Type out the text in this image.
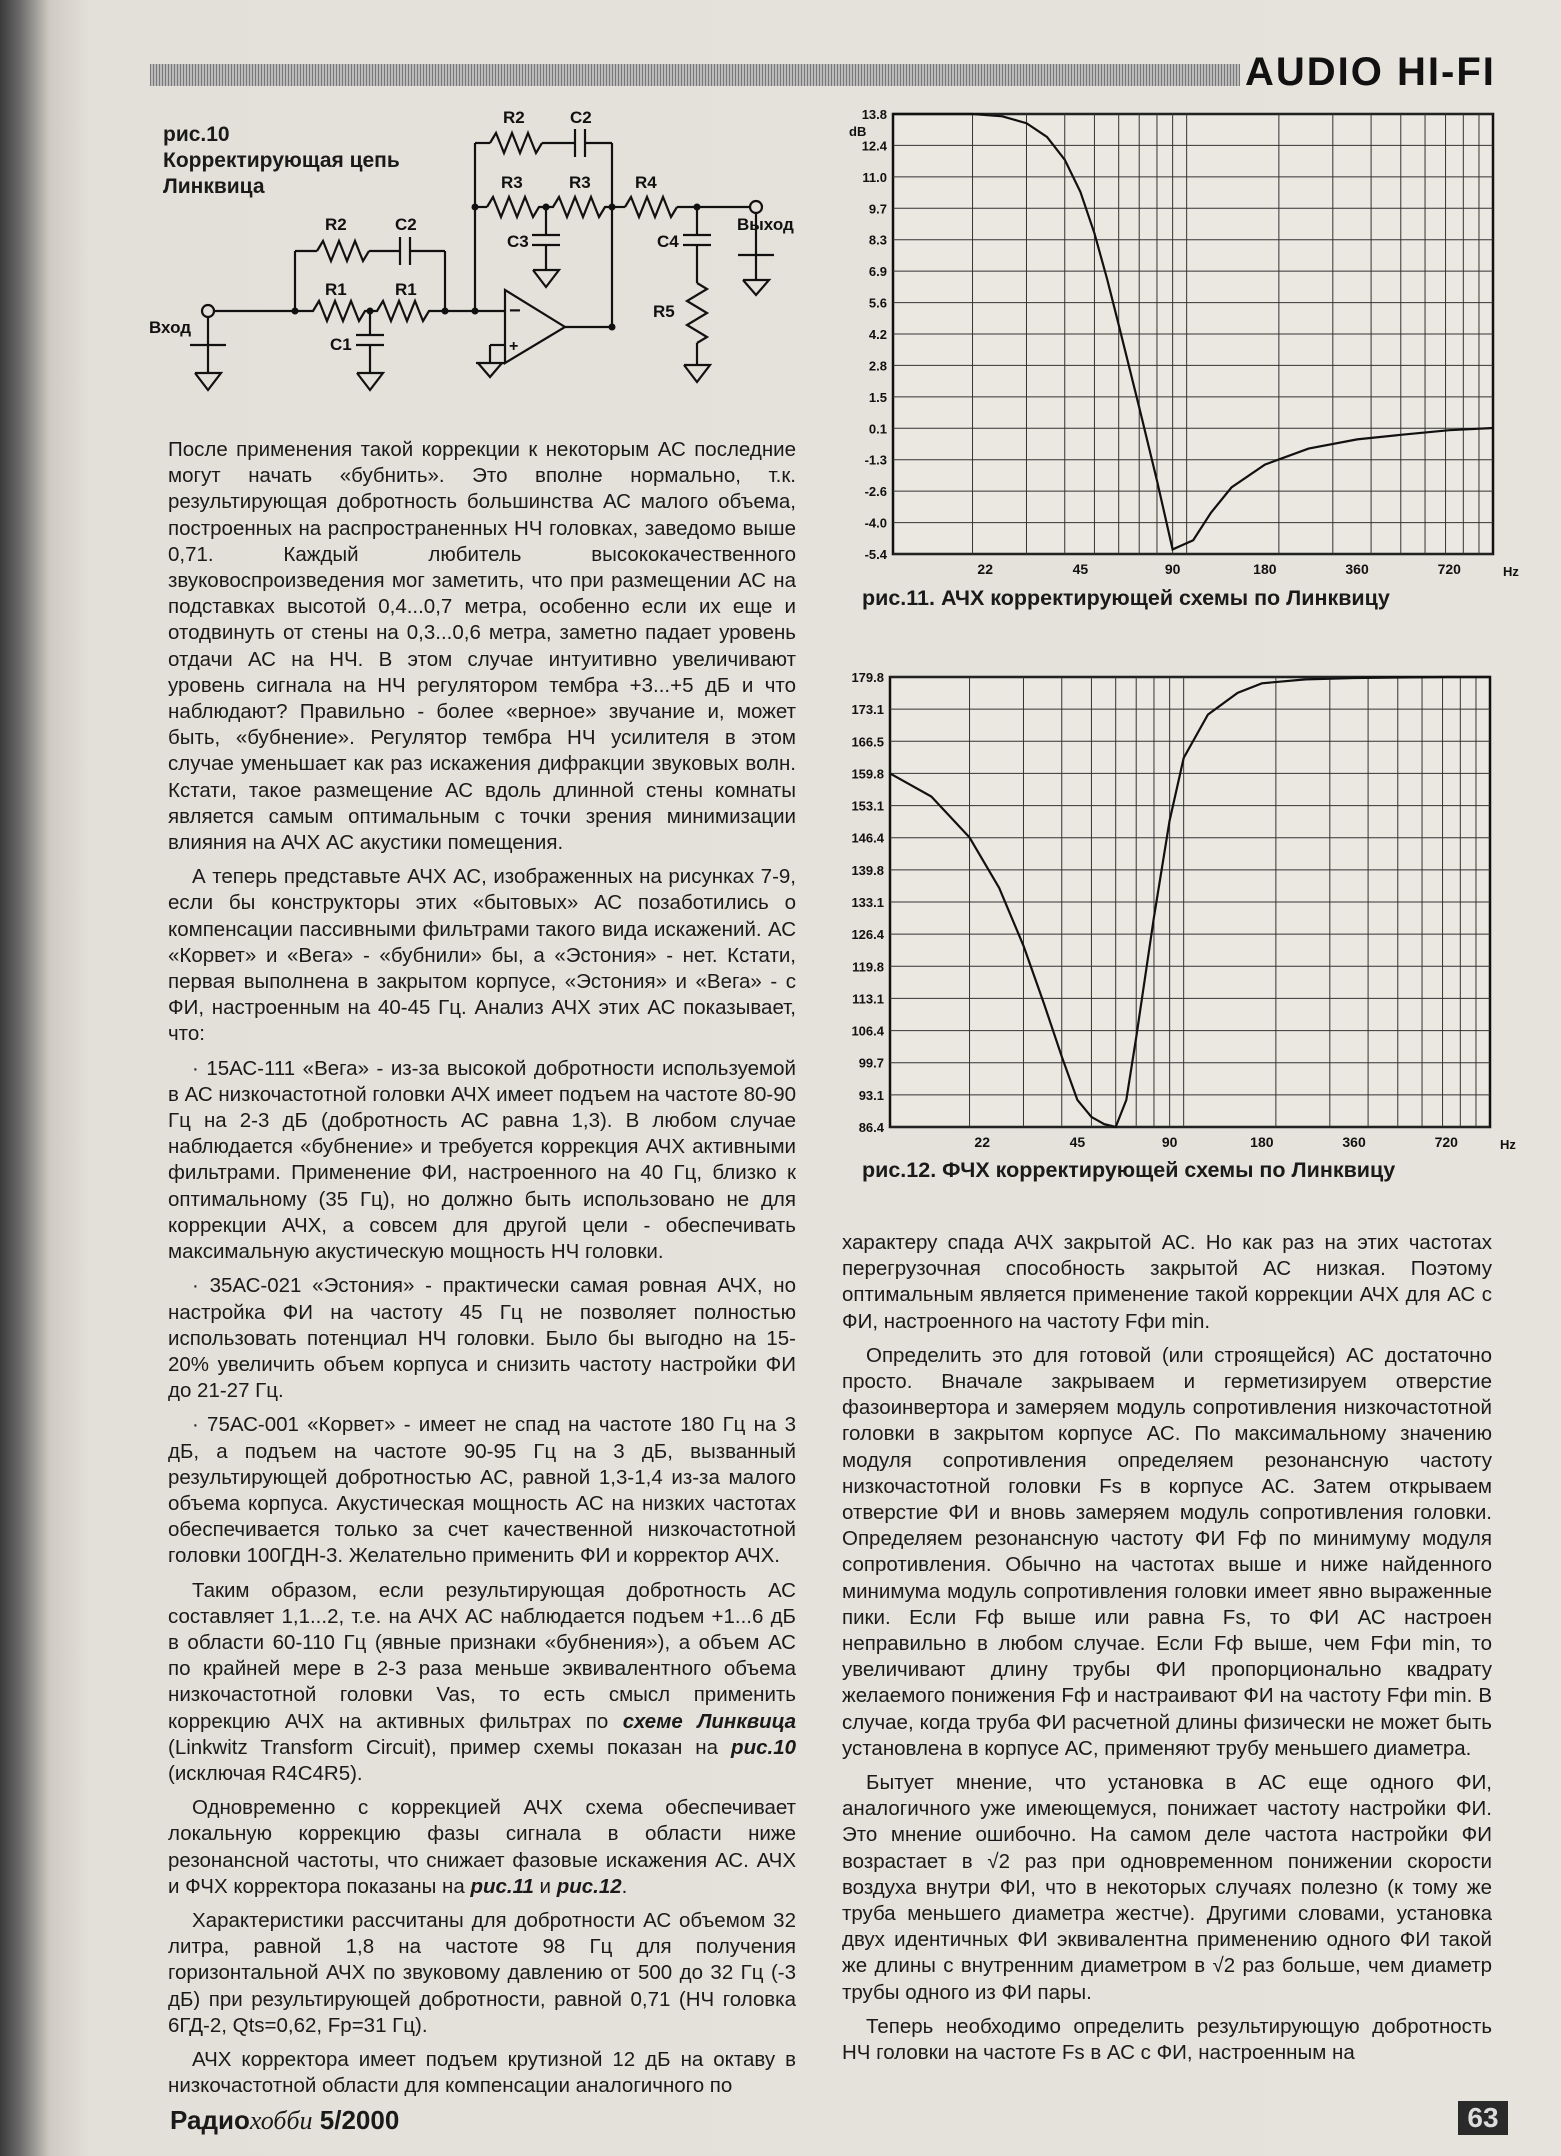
AUDIO HI-FI
рис.10
Корректирующая цепь
Линквица
Вход
Выход
R2	C2
R1	R1
C1
R2	C2
R3	R3	R4
C3	C4
R5
−
+

После применения такой коррекции к некоторым АС последние могут начать «бубнить». Это вполне нормально, т.к. результирующая добротность большинства АС малого объема, построенных на распространенных НЧ головках, заведомо выше 0,71. Каждый любитель высококачественного звуковоспроизведения мог заметить, что при размещении АС на подставках высотой 0,4...0,7 метра, особенно если их еще и отодвинуть от стены на 0,3...0,6 метра, заметно падает уровень отдачи АС на НЧ. В этом случае интуитивно увеличивают уровень сигнала на НЧ регулятором тембра +3...+5 дБ и что наблюдают? Правильно - более «верное» звучание и, может быть, «бубнение». Регулятор тембра НЧ усилителя в этом случае уменьшает как раз искажения дифракции звуковых волн. Кстати, такое размещение АС вдоль длинной стены комнаты является самым оптимальным с точки зрения минимизации влияния на АЧХ АС акустики помещения.

А теперь представьте АЧХ АС, изображенных на рисунках 7-9, если бы конструкторы этих «бытовых» АС позаботились о компенсации пассивными фильтрами такого вида искажений. АС «Корвет» и «Вега» - «бубнили» бы, а «Эстония» - нет. Кстати, первая выполнена в закрытом корпусе, «Эстония» и «Вега» - с ФИ, настроенным на 40-45 Гц. Анализ АЧХ этих АС показывает, что:

· 15АС-111 «Вега» - из-за высокой добротности используемой в АС низкочастотной головки АЧХ имеет подъем на частоте 80-90 Гц на 2-3 дБ (добротность АС равна 1,3). В любом случае наблюдается «бубнение» и требуется коррекция АЧХ активными фильтрами. Применение ФИ, настроенного на 40 Гц, близко к оптимальному (35 Гц), но должно быть использовано не для коррекции АЧХ, а совсем для другой цели - обеспечивать максимальную акустическую мощность НЧ головки.

· 35АС-021 «Эстония» - практически самая ровная АЧХ, но настройка ФИ на частоту 45 Гц не позволяет полностью использовать потенциал НЧ головки. Было бы выгодно на 15-20% увеличить объем корпуса и снизить частоту настройки ФИ до 21-27 Гц.

· 75АС-001 «Корвет» - имеет не спад на частоте 180 Гц на 3 дБ, а подъем на частоте 90-95 Гц на 3 дБ, вызванный результирующей добротностью АС, равной 1,3-1,4 из-за малого объема корпуса. Акустическая мощность АС на низких частотах обеспечивается только за счет качественной низкочастотной головки 100ГДН-3. Желательно применить ФИ и корректор АЧХ.

Таким образом, если результирующая добротность АС составляет 1,1...2, т.е. на АЧХ АС наблюдается подъем +1...6 дБ в области 60-110 Гц (явные признаки «бубнения»), а объем АС по крайней мере в 2-3 раза меньше эквивалентного объема низкочастотной головки Vas, то есть смысл применить коррекцию АЧХ на активных фильтрах по схеме Линквица (Linkwitz Transform Circuit), пример схемы показан на рис.10 (исключая R4C4R5).

Одновременно с коррекцией АЧХ схема обеспечивает локальную коррекцию фазы сигнала в области ниже резонансной частоты, что снижает фазовые искажения АС. АЧХ и ФЧХ корректора показаны на рис.11 и рис.12.

Характеристики рассчитаны для добротности АС объемом 32 литра, равной 1,8 на частоте 98 Гц для получения горизонтальной АЧХ по звуковому давлению от 500 до 32 Гц (-3 дБ) при результирующей добротности, равной 0,71 (НЧ головка 6ГД-2, Qts=0,62, Fp=31 Гц).

АЧХ корректора имеет подъем крутизной 12 дБ на октаву в низкочастотной области для компенсации аналогичного по

13.8
12.4
11.0
9.7
8.3
6.9
5.6
4.2
2.8
1.5
0.1
-1.3
-2.6
-4.0
-5.4
22	45	90	180	360	720	Hz
dB
рис.11. АЧХ корректирующей схемы по Линквицу
179.8
173.1
166.5
159.8
153.1
146.4
139.8
133.1
126.4
119.8
113.1
106.4
99.7
93.1
86.4
22	45	90	180	360	720	Hz
рис.12. ФЧХ корректирующей схемы по Линквицу

характеру спада АЧХ закрытой АС. Но как раз на этих частотах перегрузочная способность закрытой АС низкая. Поэтому оптимальным является применение такой коррекции АЧХ для АС с ФИ, настроенного на частоту Fфи min.

Определить это для готовой (или строящейся) АС достаточно просто. Вначале закрываем и герметизируем отверстие фазоинвертора и замеряем модуль сопротивления низкочастотной головки в закрытом корпусе АС. По максимальному значению модуля сопротивления определяем резонансную частоту низкочастотной головки Fs в корпусе АС. Затем открываем отверстие ФИ и вновь замеряем модуль сопротивления головки. Определяем резонансную частоту ФИ Fф по минимуму модуля сопротивления. Обычно на частотах выше и ниже найденного минимума модуль сопротивления головки имеет явно выраженные пики. Если Fф выше или равна Fs, то ФИ АС настроен неправильно в любом случае. Если Fф выше, чем Fфи min, то увеличивают длину трубы ФИ пропорционально квадрату желаемого понижения Fф и настраивают ФИ на частоту Fфи min. В случае, когда труба ФИ расчетной длины физически не может быть установлена в корпусе АС, применяют трубу меньшего диаметра.

Бытует мнение, что установка в АС еще одного ФИ, аналогичного уже имеющемуся, понижает частоту настройки ФИ. Это мнение ошибочно. На самом деле частота настройки ФИ возрастает в √2 раз при одновременном понижении скорости воздуха внутри ФИ, что в некоторых случаях полезно (к тому же труба меньшего диаметра жестче). Другими словами, установка двух идентичных ФИ эквивалентна применению одного ФИ такой же длины с внутренним диаметром в √2 раз больше, чем диаметр трубы одного из ФИ пары.

Теперь необходимо определить результирующую добротность НЧ головки на частоте Fs в АС с ФИ, настроенным на

Радиохобби 5/2000	63
